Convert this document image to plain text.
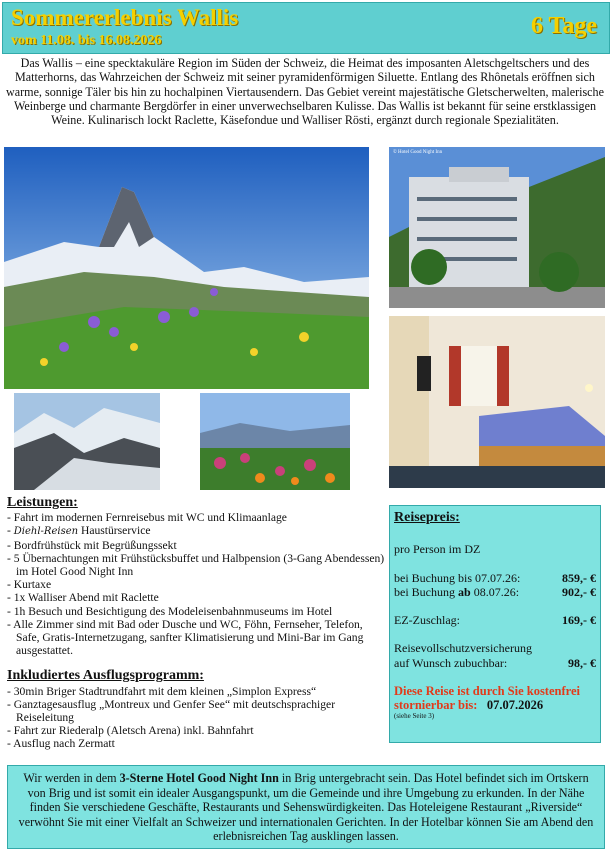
Sommererlebnis Wallis
vom 11.08. bis 16.08.2026
6 Tage
Das Wallis – eine specktakuläre Region im Süden der Schweiz, die Heimat des imposanten Aletschgeltschers und des Matterhorns, das Wahrzeichen der Schweiz mit seiner pyramidenförmigen Siluette. Entlang des Rhônetals eröffnen sich warme, sonnige Täler bis hin zu hochalpinen Viertausendern. Das Gebiet vereint majestätische Gletscherwelten, malerische Weinberge und charmante Bergdörfer in einer unverwechselbaren Kulisse. Das Wallis ist bekannt für seine erstklassigen Weine. Kulinarisch lockt Raclette, Käsefondue und Walliser Rösti, ergänzt durch regionale Spezialitäten.
© Hotel Good Night Inn
Leistungen:
- Fahrt im modernen Fernreisebus mit WC und Klimaanlage
- Diehl-Reisen Haustürservice
- Bordfrühstück mit Begrüßungssekt
- 5 Übernachtungen mit Frühstücksbuffet und Halbpension (3-Gang Abendessen) im Hotel Good Night Inn
- Kurtaxe
- 1x Walliser Abend mit Raclette
- 1h Besuch und Besichtigung des Modeleisenbahnmuseums im Hotel
- Alle Zimmer sind mit Bad oder Dusche und WC, Föhn, Fernseher, Telefon, Safe, Gratis-Internetzugang, sanfter Klimatisierung und Mini-Bar im Gang ausgestattet.
Inkludiertes Ausflugsprogramm:
- 30min Briger Stadtrundfahrt mit dem kleinen „Simplon Express“
- Ganztagesausflug „Montreux und Genfer See“ mit deutschsprachiger Reiseleitung
- Fahrt zur Riederalp (Aletsch Arena) inkl. Bahnfahrt
- Ausflug nach Zermatt
Reisepreis:
pro Person im DZ
bei Buchung bis 07.07.26:	859,- €
bei Buchung ab 08.07.26:	902,- €
EZ-Zuschlag:	169,- €
Reisevollschutzversicherung
auf Wunsch zubuchbar:	98,- €
Diese Reise ist durch Sie kostenfrei
stornierbar bis: 07.07.2026
(siehe Seite 3)
Wir werden in dem 3-Sterne Hotel Good Night Inn in Brig untergebracht sein. Das Hotel befindet sich im Ortskern von Brig und ist somit ein idealer Ausgangspunkt, um die Gemeinde und ihre Umgebung zu erkunden. In der Nähe finden Sie verschiedene Geschäfte, Restaurants und Sehenswürdigkeiten. Das Hoteleigene Restaurant „Riverside“ verwöhnt Sie mit einer Vielfalt an Schweizer und internationalen Gerichten. In der Hotelbar können Sie am Abend den erlebnisreichen Tag ausklingen lassen.
